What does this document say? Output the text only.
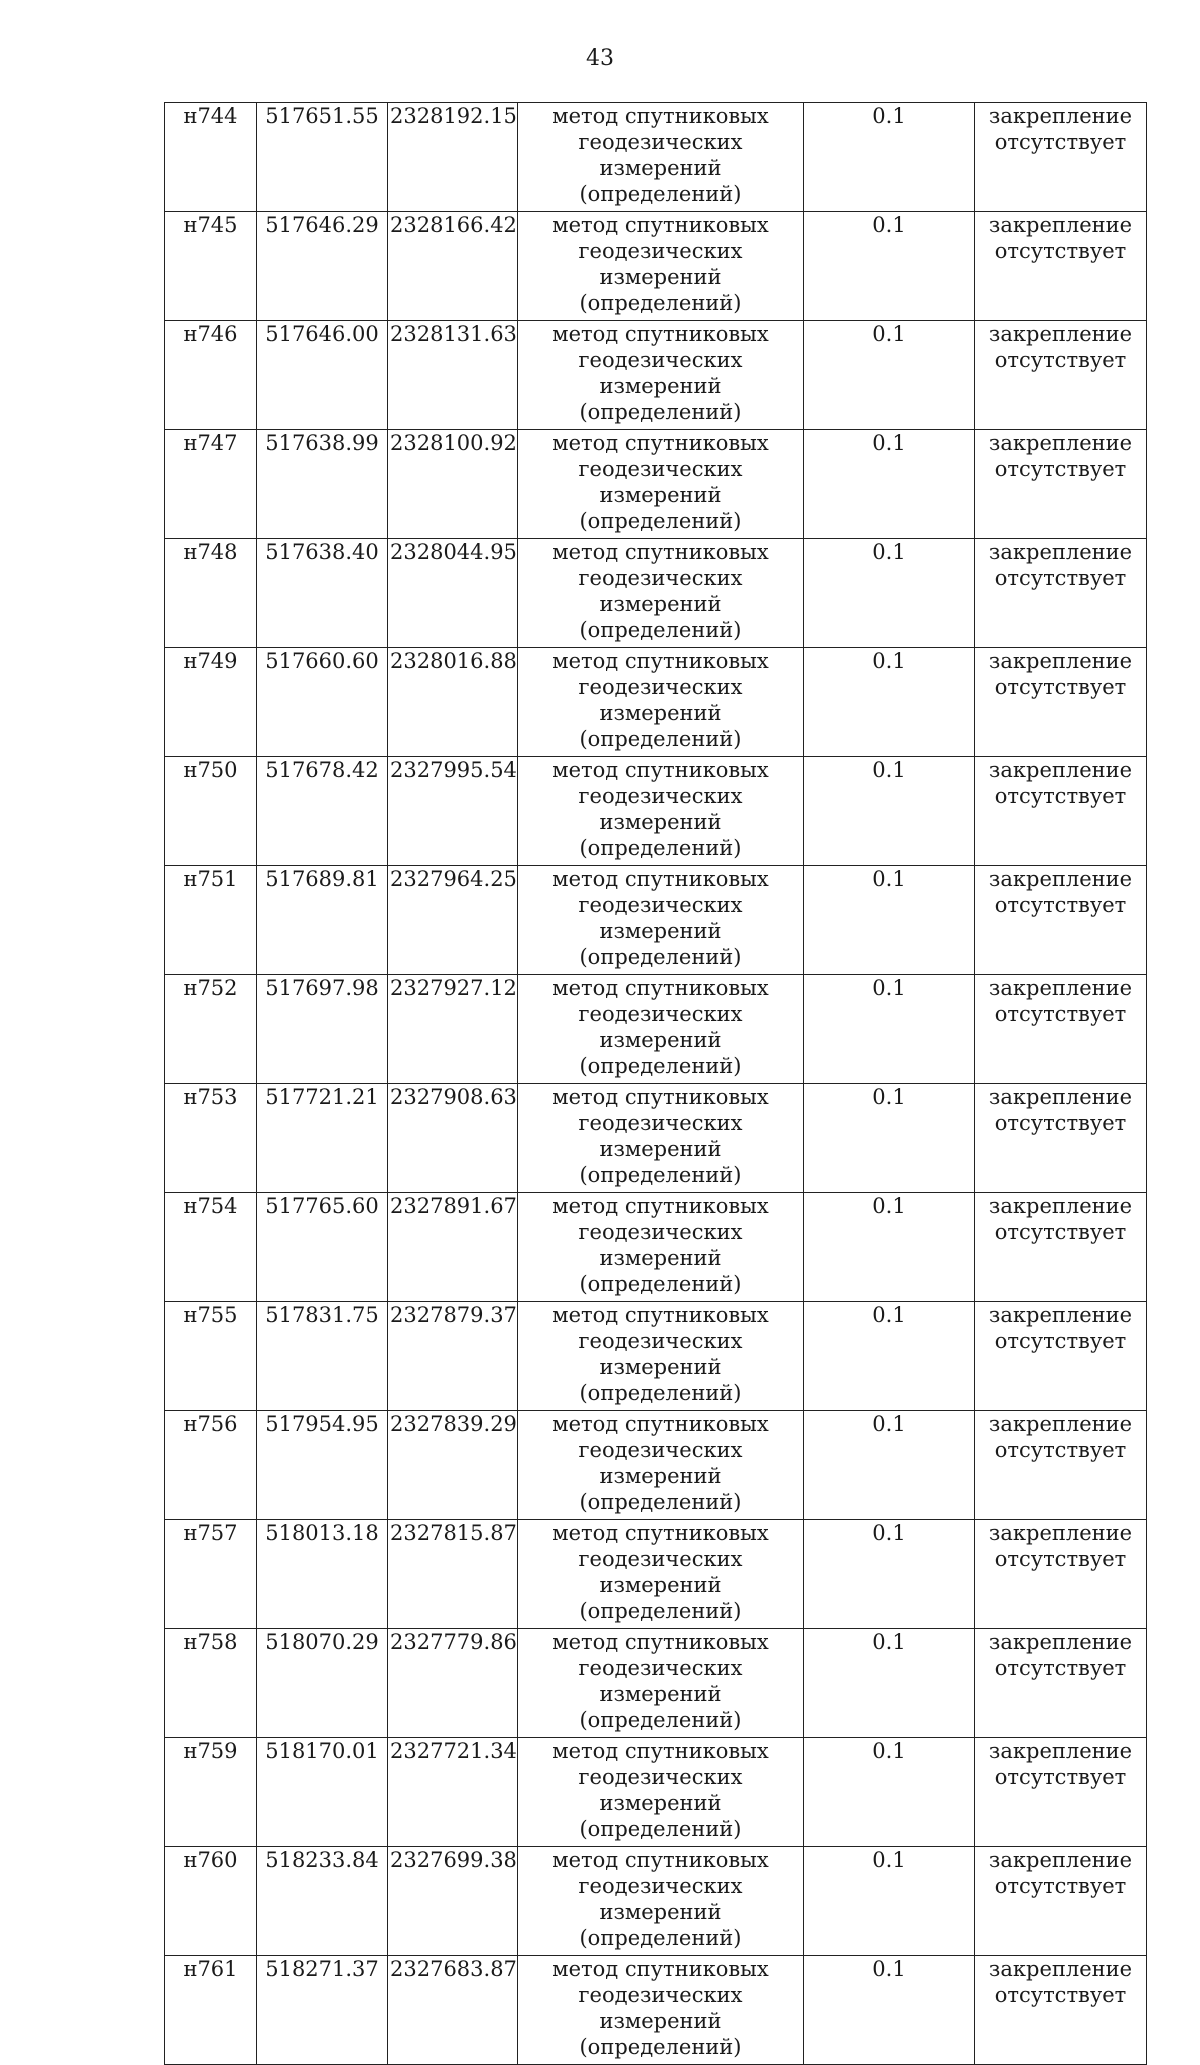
43
н744	517651.55	2328192.15	метод спутниковых
геодезических измерений
(определений)	0.1	закрепление
отсутствует

н745	517646.29	2328166.42	метод спутниковых
геодезических измерений
(определений)	0.1	закрепление
отсутствует

н746	517646.00	2328131.63	метод спутниковых
геодезических измерений
(определений)	0.1	закрепление
отсутствует

н747	517638.99	2328100.92	метод спутниковых
геодезических измерений
(определений)	0.1	закрепление
отсутствует

н748	517638.40	2328044.95	метод спутниковых
геодезических измерений
(определений)	0.1	закрепление
отсутствует

н749	517660.60	2328016.88	метод спутниковых
геодезических измерений
(определений)	0.1	закрепление
отсутствует

н750	517678.42	2327995.54	метод спутниковых
геодезических измерений
(определений)	0.1	закрепление
отсутствует

н751	517689.81	2327964.25	метод спутниковых
геодезических измерений
(определений)	0.1	закрепление
отсутствует

н752	517697.98	2327927.12	метод спутниковых
геодезических измерений
(определений)	0.1	закрепление
отсутствует

н753	517721.21	2327908.63	метод спутниковых
геодезических измерений
(определений)	0.1	закрепление
отсутствует

н754	517765.60	2327891.67	метод спутниковых
геодезических измерений
(определений)	0.1	закрепление
отсутствует

н755	517831.75	2327879.37	метод спутниковых
геодезических измерений
(определений)	0.1	закрепление
отсутствует

н756	517954.95	2327839.29	метод спутниковых
геодезических измерений
(определений)	0.1	закрепление
отсутствует

н757	518013.18	2327815.87	метод спутниковых
геодезических измерений
(определений)	0.1	закрепление
отсутствует

н758	518070.29	2327779.86	метод спутниковых
геодезических измерений
(определений)	0.1	закрепление
отсутствует

н759	518170.01	2327721.34	метод спутниковых
геодезических измерений
(определений)	0.1	закрепление
отсутствует

н760	518233.84	2327699.38	метод спутниковых
геодезических измерений
(определений)	0.1	закрепление
отсутствует

н761	518271.37	2327683.87	метод спутниковых
геодезических измерений
(определений)	0.1	закрепление
отсутствует
